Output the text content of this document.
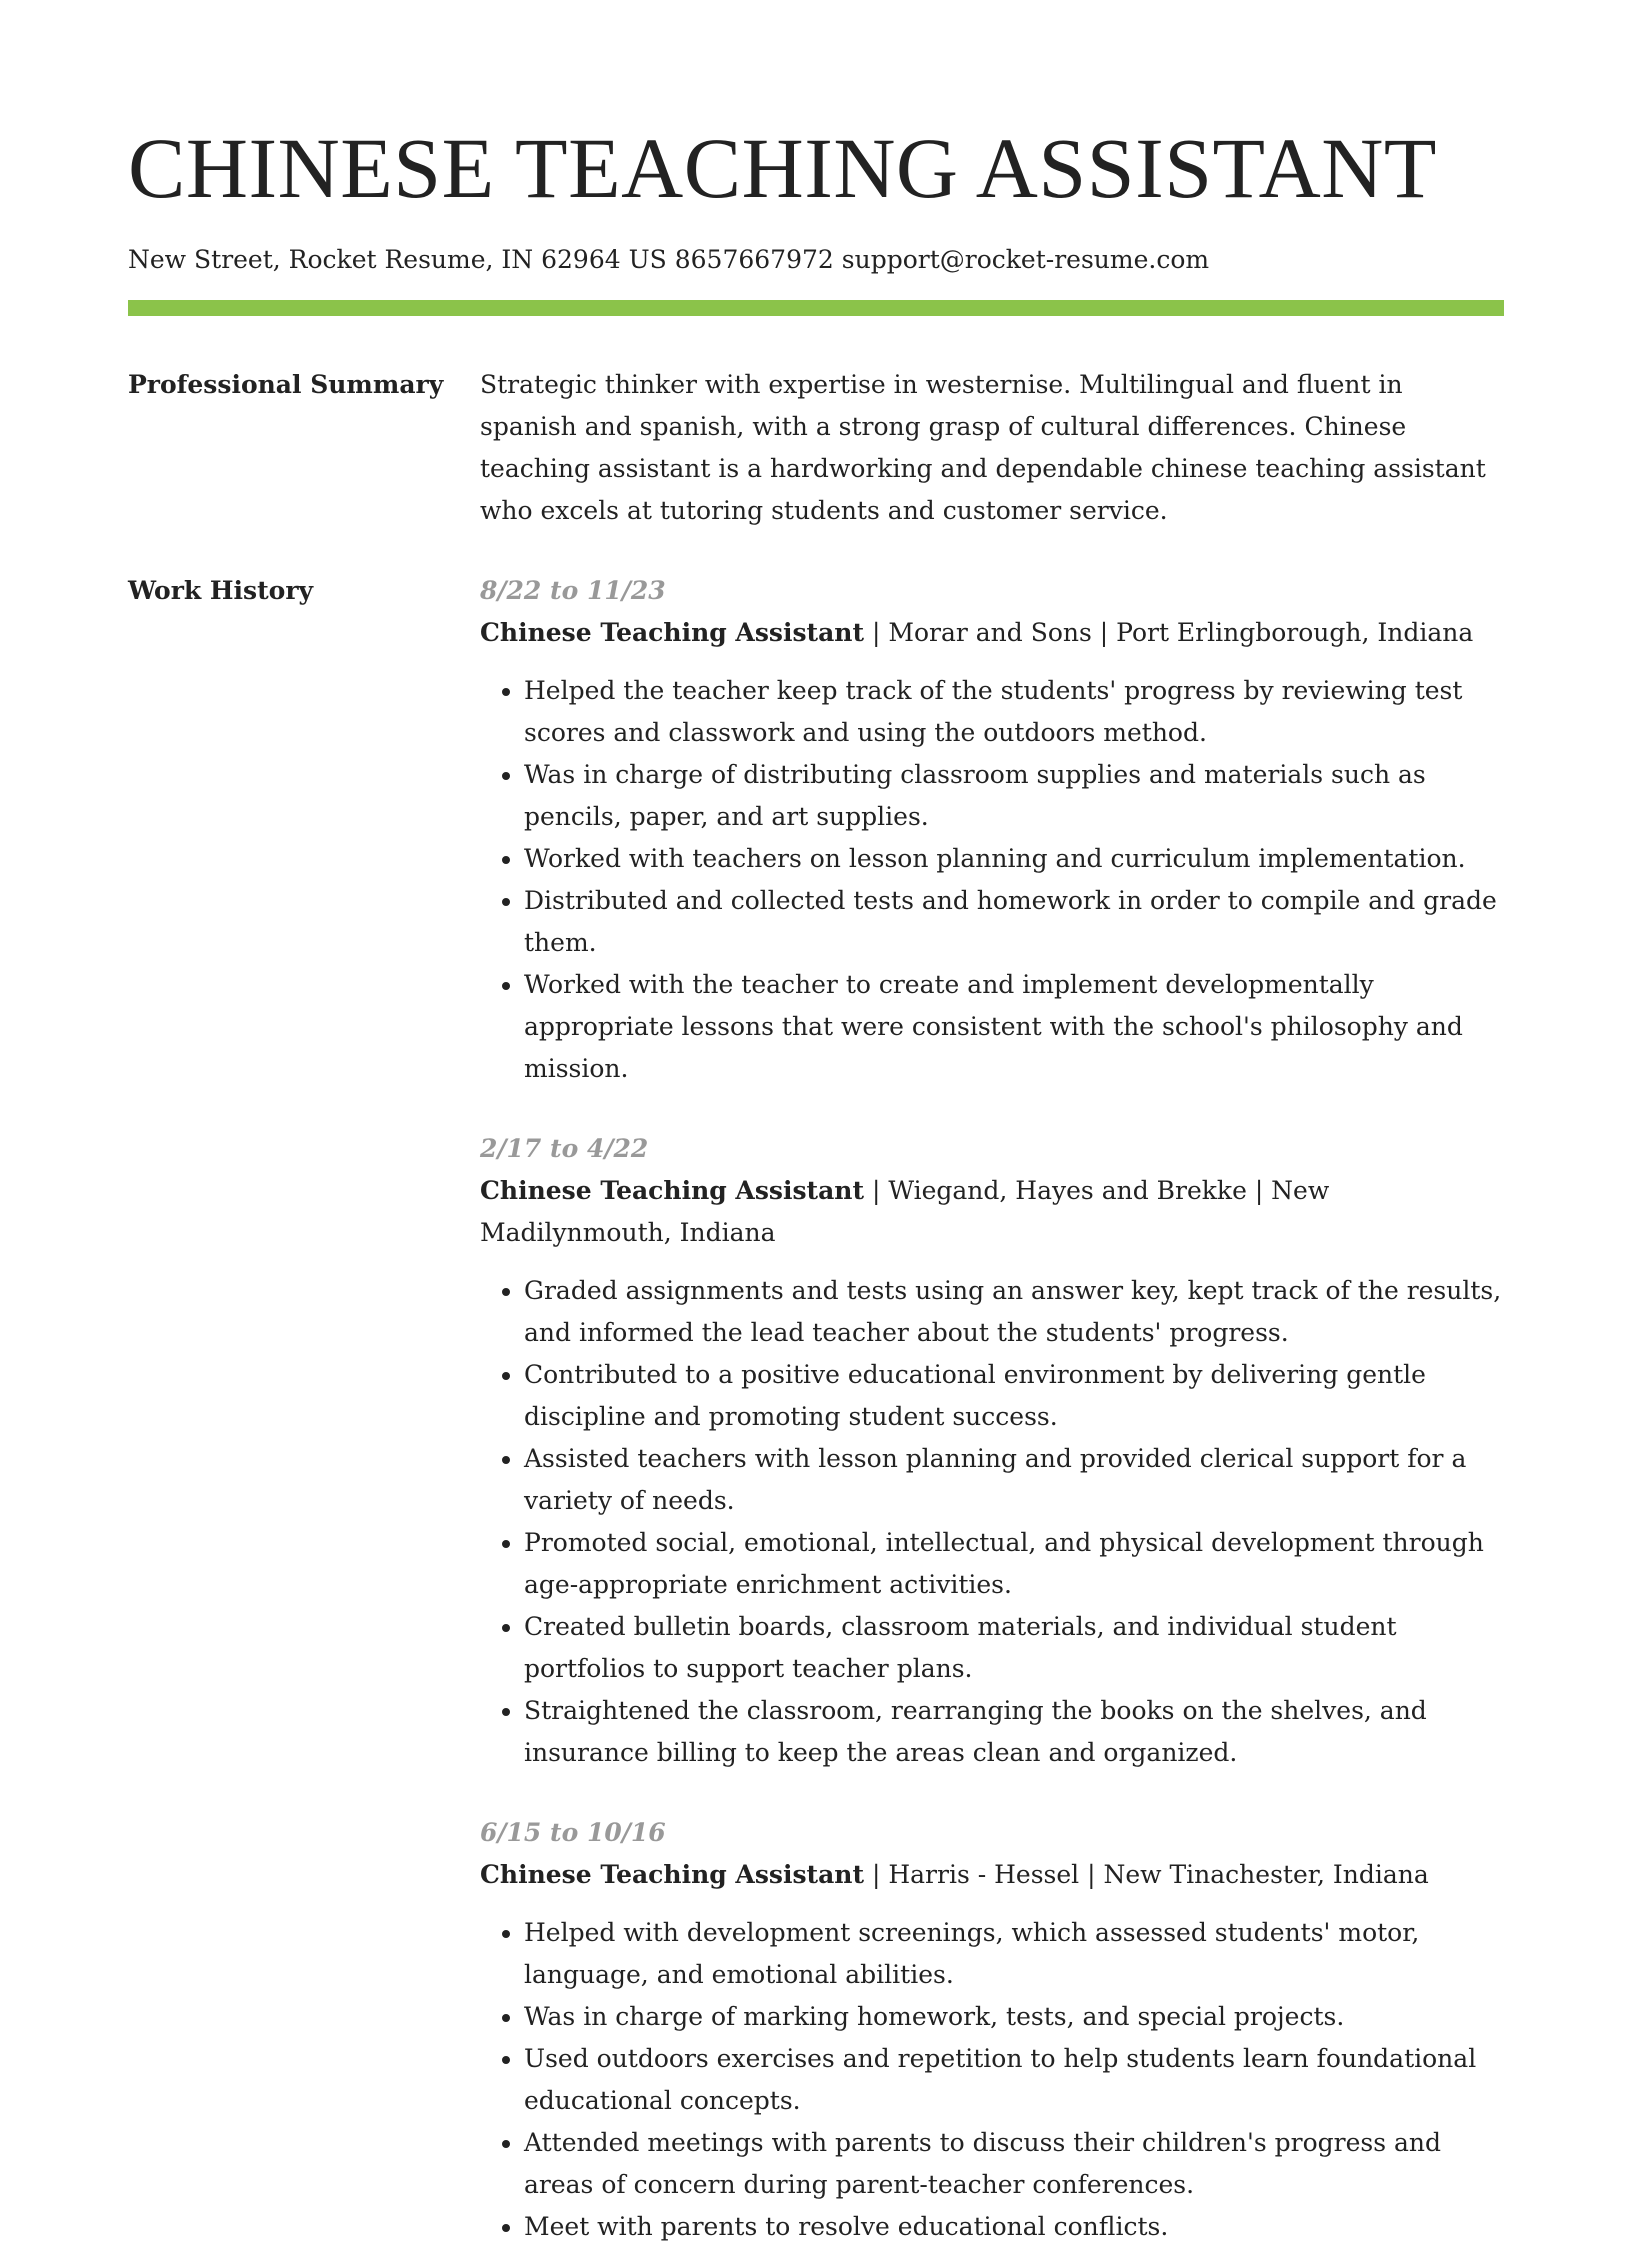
CHINESE TEACHING ASSISTANT
New Street, Rocket Resume, IN 62964 US 8657667972 support@rocket-resume.com
Professional Summary	Strategic thinker with expertise in westernise. Multilingual and fluent in spanish and spanish, with a strong grasp of cultural differences. Chinese teaching assistant is a hardworking and dependable chinese teaching assistant who excels at tutoring students and customer service.

Work History	8/22 to 11/23

Chinese Teaching Assistant | Morar and Sons | Port Erlingborough, Indiana

• Helped the teacher keep track of the students' progress by reviewing test scores and classwork and using the outdoors method.
• Was in charge of distributing classroom supplies and materials such as pencils, paper, and art supplies.
• Worked with teachers on lesson planning and curriculum implementation.
• Distributed and collected tests and homework in order to compile and grade them.
• Worked with the teacher to create and implement developmentally appropriate lessons that were consistent with the school's philosophy and mission.
2/17 to 4/22

Chinese Teaching Assistant | Wiegand, Hayes and Brekke | New Madilynmouth, Indiana

• Graded assignments and tests using an answer key, kept track of the results, and informed the lead teacher about the students' progress.
• Contributed to a positive educational environment by delivering gentle discipline and promoting student success.
• Assisted teachers with lesson planning and provided clerical support for a variety of needs.
• Promoted social, emotional, intellectual, and physical development through age-appropriate enrichment activities.
• Created bulletin boards, classroom materials, and individual student portfolios to support teacher plans.
• Straightened the classroom, rearranging the books on the shelves, and insurance billing to keep the areas clean and organized.
6/15 to 10/16

Chinese Teaching Assistant | Harris - Hessel | New Tinachester, Indiana

• Helped with development screenings, which assessed students' motor, language, and emotional abilities.
• Was in charge of marking homework, tests, and special projects.
• Used outdoors exercises and repetition to help students learn foundational educational concepts.
• Attended meetings with parents to discuss their children's progress and areas of concern during parent-teacher conferences.
• Meet with parents to resolve educational conflicts.
